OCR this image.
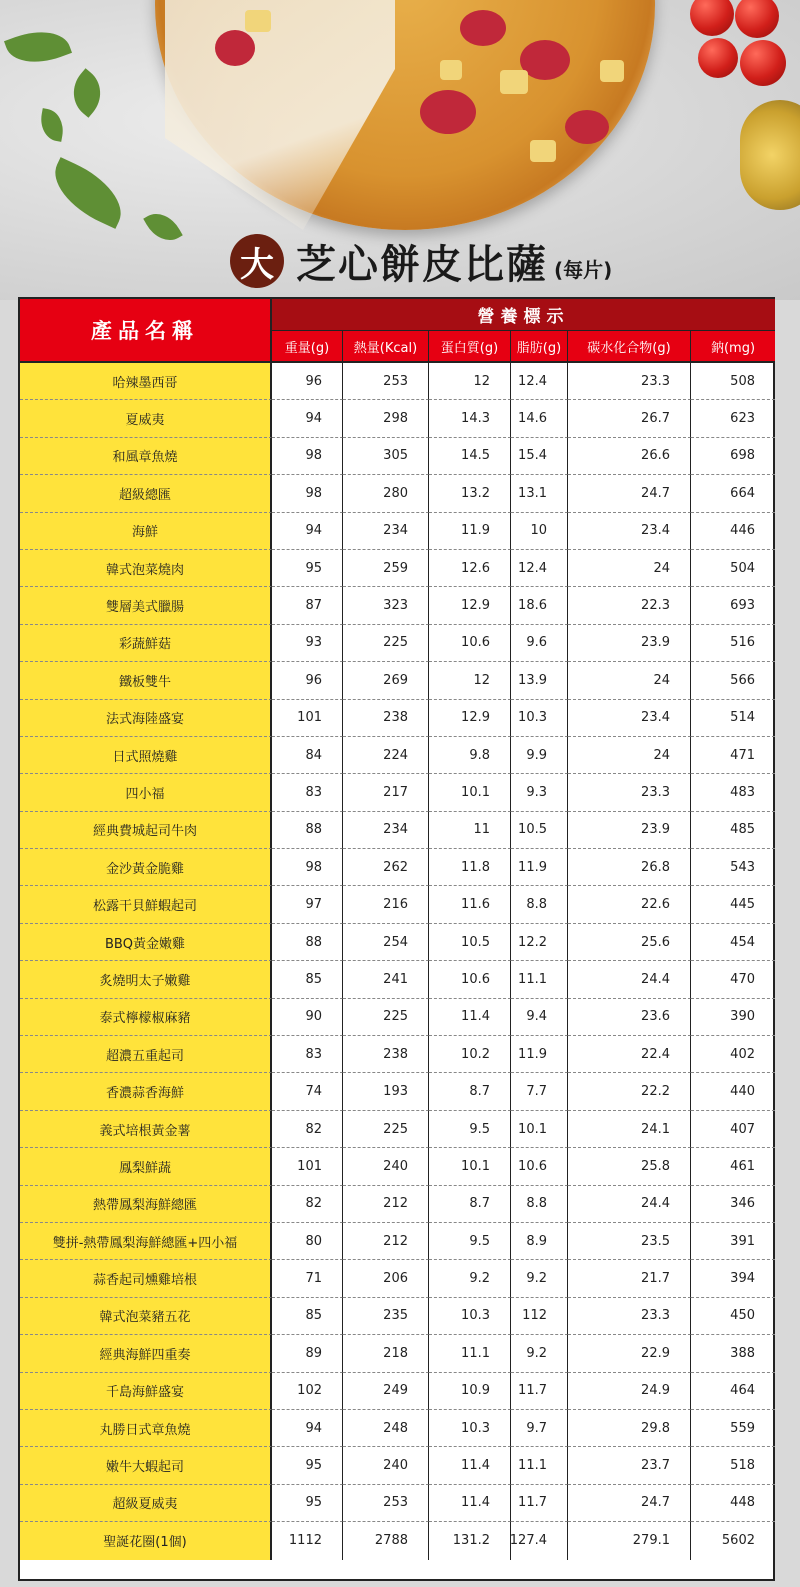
大 芝心餅皮比薩 (每片)
產品名稱
營養標示
重量(g)	熱量(Kcal)	蛋白質(g)	脂肪(g)	碳水化合物(g)	鈉(mg)
哈辣墨西哥	96	253	12	12.4	23.3	508
夏威夷	94	298	14.3	14.6	26.7	623
和風章魚燒	98	305	14.5	15.4	26.6	698
超級總匯	98	280	13.2	13.1	24.7	664
海鮮	94	234	11.9	10	23.4	446
韓式泡菜燒肉	95	259	12.6	12.4	24	504
雙層美式臘腸	87	323	12.9	18.6	22.3	693
彩蔬鮮菇	93	225	10.6	9.6	23.9	516
鐵板雙牛	96	269	12	13.9	24	566
法式海陸盛宴	101	238	12.9	10.3	23.4	514
日式照燒雞	84	224	9.8	9.9	24	471
四小福	83	217	10.1	9.3	23.3	483
經典費城起司牛肉	88	234	11	10.5	23.9	485
金沙黃金脆雞	98	262	11.8	11.9	26.8	543
松露干貝鮮蝦起司	97	216	11.6	8.8	22.6	445
BBQ黃金嫩雞	88	254	10.5	12.2	25.6	454
炙燒明太子嫩雞	85	241	10.6	11.1	24.4	470
泰式檸檬椒麻豬	90	225	11.4	9.4	23.6	390
超濃五重起司	83	238	10.2	11.9	22.4	402
香濃蒜香海鮮	74	193	8.7	7.7	22.2	440
義式培根黃金薯	82	225	9.5	10.1	24.1	407
鳳梨鮮蔬	101	240	10.1	10.6	25.8	461
熱帶鳳梨海鮮總匯	82	212	8.7	8.8	24.4	346
雙拼-熱帶鳳梨海鮮總匯+四小福	80	212	9.5	8.9	23.5	391
蒜香起司燻雞培根	71	206	9.2	9.2	21.7	394
韓式泡菜豬五花	85	235	10.3	112	23.3	450
經典海鮮四重奏	89	218	11.1	9.2	22.9	388
千島海鮮盛宴	102	249	10.9	11.7	24.9	464
丸勝日式章魚燒	94	248	10.3	9.7	29.8	559
嫩牛大蝦起司	95	240	11.4	11.1	23.7	518
超級夏威夷	95	253	11.4	11.7	24.7	448
聖誕花圈(1個)	1112	2788	131.2	127.4	279.1	5602
